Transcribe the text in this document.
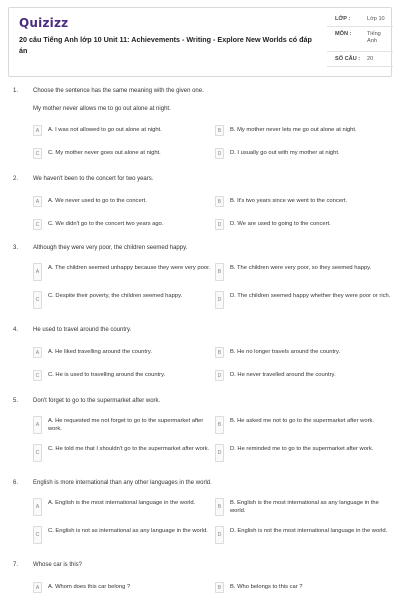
Quizizz
20 câu Tiếng Anh lớp 10 Unit 11: Achievements - Writing - Explore New Worlds có đáp án
LỚP :	Lớp 10
MÔN :	Tiếng
Anh
SỐ CÂU : 20
1. Choose the sentence has the same meaning with the given one.
My mother never allows me to go out alone at night.
A	A. I was not allowed to go out alone at night.	B	B. My mother never lets me go out alone at night.
C	C. My mother never goes out alone at night.	D	D. I usually go out with my mother at night.
2. We haven't been to the concert for two years.
A	A. We never used to go to the concert.	B	B. It's two years since we went to the concert.
C	C. We didn't go to the concert two years ago.	D	D. We are used to going to the concert.
3. Although they were very poor, the children seemed happy.
A
A. The children seemed unhappy because they were very poor.
B
B. The children were very poor, so they seemed happy.
C
C. Despite their poverty, the children seemed happy.
D
D. The children seemed happy whether they were poor or rich.
4. He used to travel around the country.
A	A. He liked travelling around the country.	B	B. He no longer travels around the country.
C	C. He is used to travelling around the country.	D	D. He never travelled around the country.
5. Don't forget to go to the supermarket after work.
A
A. He requested me not forget to go to the supermarket after work.
B
B. He asked me not to go to the supermarket after work.
C
C. He told me that I shouldn't go to the supermarket after work.
D
D. He reminded me to go to the supermarket after work.
6. English is more international than any other languages in the world.
A
A. English is the most international language in the world.
B
B. English is the most international as any language in the world.
C
C. English is not as international as any language in the world.
D
D. English is not the most international language in the world.
7. Whose car is this?
A	A. Whom does this car belong ?	B	B. Who belongs to this car ?
